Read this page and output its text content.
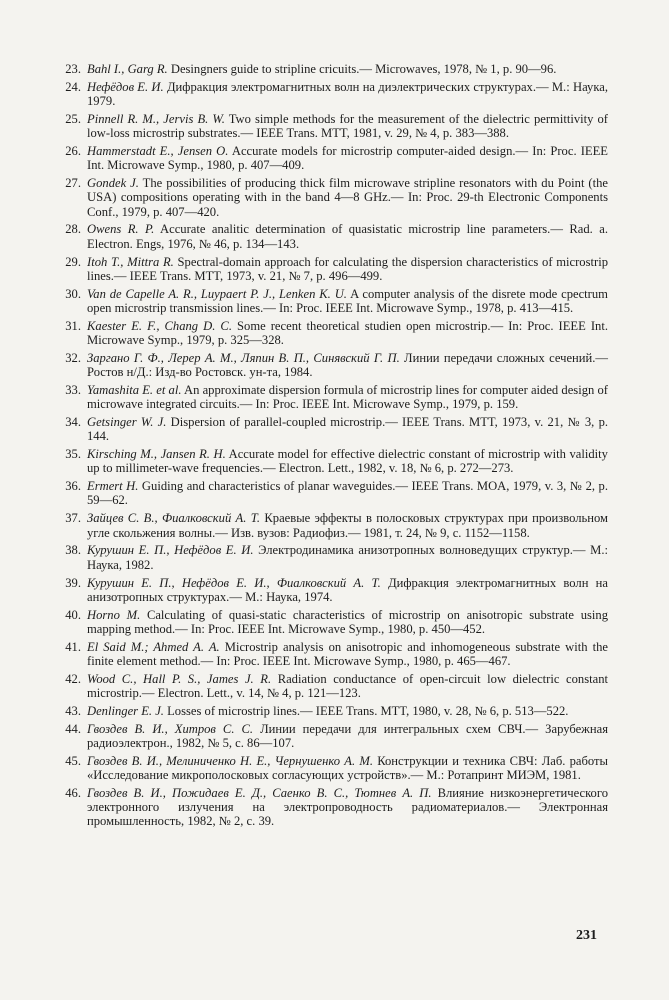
23. Bahl I., Garg R. Desingners guide to stripline cricuits.— Microwaves, 1978, № 1, p. 90—96.
24. Нефёдов Е. И. Дифракция электромагнитных волн на диэлектрических структурах.— М.: Наука, 1979.
25. Pinnell R. M., Jervis B. W. Two simple methods for the measurement of the dielectric permittivity of low-loss microstrip substrates.— IEEE Trans. MTT, 1981, v. 29, № 4, p. 383—388.
26. Hammerstadt E., Jensen O. Accurate models for microstrip computer-aided design.— In: Proc. IEEE Int. Microwave Symp., 1980, p. 407—409.
27. Gondek J. The possibilities of producing thick film microwave stripline resonators with du Point (the USA) compositions operating with in the band 4—8 GHz.— In: Proc. 29-th Electronic Components Conf., 1979, p. 407—420.
28. Owens R. P. Accurate analitic determination of quasistatic microstrip line parameters.— Rad. a. Electron. Engs, 1976, № 46, p. 134—143.
29. Itoh T., Mittra R. Spectral-domain approach for calculating the dispersion characteristics of microstrip lines.— IEEE Trans. MTT, 1973, v. 21, № 7, p. 496—499.
30. Van de Capelle A. R., Luypaert P. J., Lenken K. U. A computer analysis of the disrete mode cpectrum open microstrip transmission lines.— In: Proc. IEEE Int. Microwave Symp., 1978, p. 413—415.
31. Kaester E. F., Chang D. C. Some recent theoretical studien open microstrip.— In: Proc. IEEE Int. Microwave Symp., 1979, p. 325—328.
32. Заргано Г. Ф., Лерер А. М., Ляпин В. П., Синявский Г. П. Линии передачи сложных сечений.— Ростов н/Д.: Изд-во Ростовск. ун-та, 1984.
33. Yamashita E. et al. An approximate dispersion formula of microstrip lines for computer aided design of microwave integrated circuits.— In: Proc. IEEE Int. Microwave Symp., 1979, p. 159.
34. Getsinger W. J. Dispersion of parallel-coupled microstrip.— IEEE Trans. MTT, 1973, v. 21, № 3, p. 144.
35. Kirsching M., Jansen R. H. Accurate model for effective dielectric constant of microstrip with validity up to millimeter-wave frequencies.— Electron. Lett., 1982, v. 18, № 6, p. 272—273.
36. Ermert H. Guiding and characteristics of planar waveguides.— IEEE Trans. MOA, 1979, v. 3, № 2, p. 59—62.
37. Зайцев С. В., Фиалковский А. Т. Краевые эффекты в полосковых структурах при произвольном угле скольжения волны.— Изв. вузов: Радиофиз.— 1981, т. 24, № 9, с. 1152—1158.
38. Курушин Е. П., Нефёдов Е. И. Электродинамика анизотропных волноведущих структур.— М.: Наука, 1982.
39. Курушин Е. П., Нефёдов Е. И., Фиалковский А. Т. Дифракция электромагнитных волн на анизотропных структурах.— М.: Наука, 1974.
40. Horno M. Calculating of quasi-static characteristics of microstrip on anisotropic substrate using mapping method.— In: Proc. IEEE Int. Microwave Symp., 1980, p. 450—452.
41. El Said M.; Ahmed A. A. Microstrip analysis on anisotropic and inhomogeneous substrate with the finite element method.— In: Proc. IEEE Int. Microwave Symp., 1980, p. 465—467.
42. Wood C., Hall P. S., James J. R. Radiation conductance of open-circuit low dielectric constant microstrip.— Electron. Lett., v. 14, № 4, p. 121—123.
43. Denlinger E. J. Losses of microstrip lines.— IEEE Trans. MTT, 1980, v. 28, № 6, p. 513—522.
44. Гвоздев В. И., Хитров С. С. Линии передачи для интегральных схем СВЧ.— Зарубежная радиоэлектрон., 1982, № 5, с. 86—107.
45. Гвоздев В. И., Мелиниченко Н. Е., Чернушенко А. М. Конструкции и техника СВЧ: Лаб. работы «Исследование микрополосковых согласующих устройств».— М.: Ротапринт МИЭМ, 1981.
46. Гвоздев В. И., Пожидаев Е. Д., Саенко В. С., Тютнев А. П. Влияние низкоэнергетического электронного излучения на электропроводность радиоматериалов.— Электронная промышленность, 1982, № 2, с. 39.
231
